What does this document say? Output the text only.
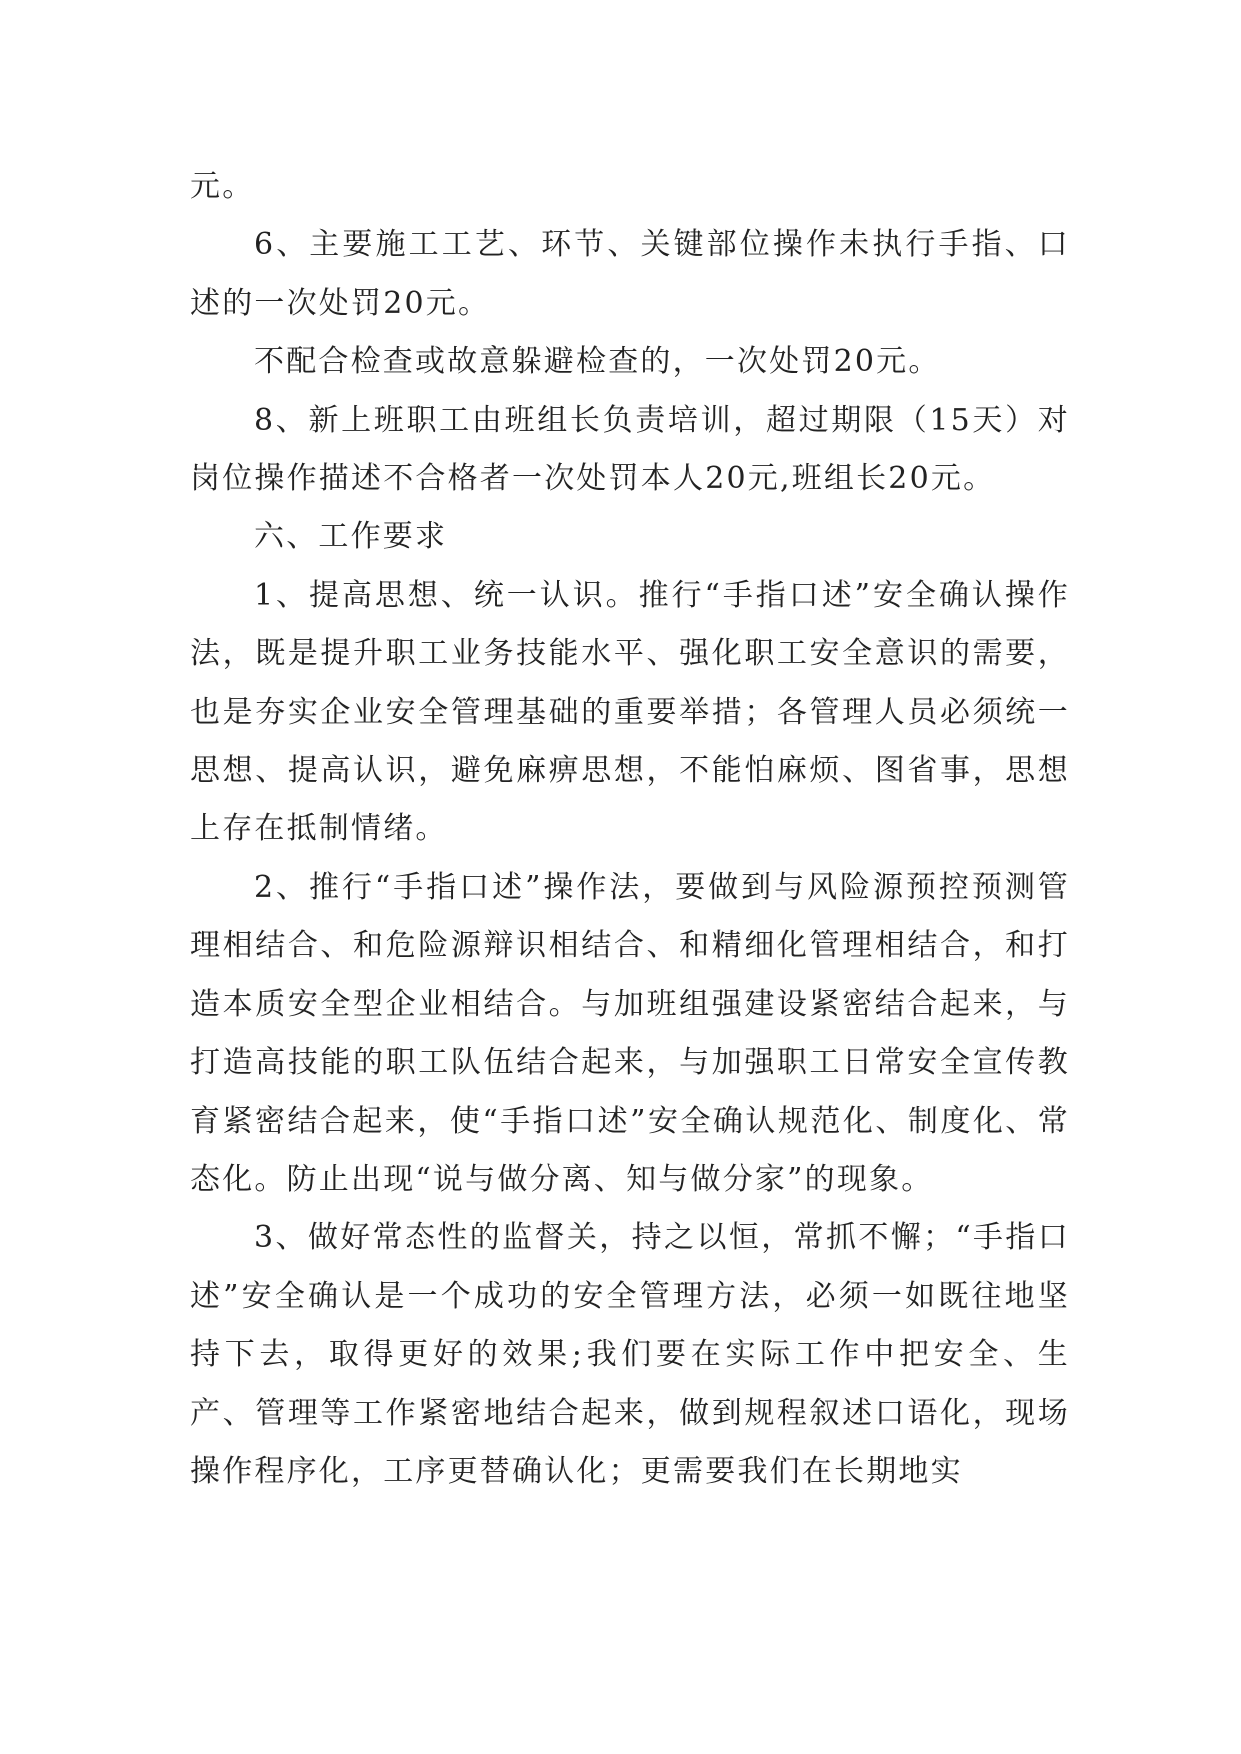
元。

6、主要施工工艺、环节、关键部位操作未执行手指、口述的一次处罚20元。

不配合检查或故意躲避检查的，一次处罚20元。

8、新上班职工由班组长负责培训，超过期限（15天）对岗位操作描述不合格者一次处罚本人20元,班组长20元。

六、工作要求

1、提高思想、统一认识。推行“手指口述”安全确认操作法，既是提升职工业务技能水平、强化职工安全意识的需要，也是夯实企业安全管理基础的重要举措；各管理人员必须统一思想、提高认识，避免麻痹思想，不能怕麻烦、图省事，思想上存在抵制情绪。

2、推行“手指口述”操作法，要做到与风险源预控预测管理相结合、和危险源辩识相结合、和精细化管理相结合，和打造本质安全型企业相结合。与加班组强建设紧密结合起来，与打造高技能的职工队伍结合起来，与加强职工日常安全宣传教育紧密结合起来，使“手指口述”安全确认规范化、制度化、常态化。防止出现“说与做分离、知与做分家”的现象。

3、做好常态性的监督关，持之以恒，常抓不懈；“手指口述”安全确认是一个成功的安全管理方法，必须一如既往地坚持下去，取得更好的效果;我们要在实际工作中把安全、生产、管理等工作紧密地结合起来，做到规程叙述口语化，现场操作程序化，工序更替确认化；更需要我们在长期地实
